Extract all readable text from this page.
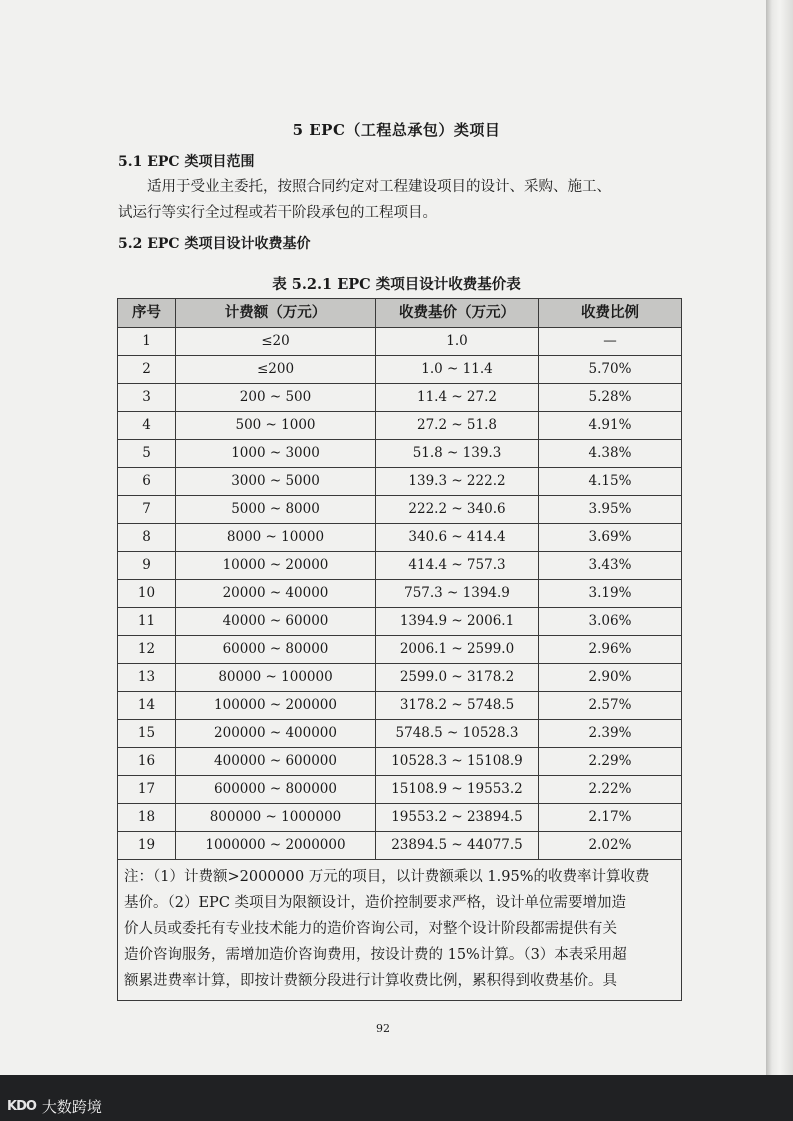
5 EPC（工程总承包）类项目
5.1 EPC 类项目范围
适用于受业主委托，按照合同约定对工程建设项目的设计、采购、施工、
试运行等实行全过程或若干阶段承包的工程项目。
5.2 EPC 类项目设计收费基价
表 5.2.1 EPC 类项目设计收费基价表
序号	计费额（万元）	收费基价（万元）	收费比例
1	≤20	1.0	—
2	≤200	1.0 ~ 11.4	5.70%
3	200 ~ 500	11.4 ~ 27.2	5.28%
4	500 ~ 1000	27.2 ~ 51.8	4.91%
5	1000 ~ 3000	51.8 ~ 139.3	4.38%
6	3000 ~ 5000	139.3 ~ 222.2	4.15%
7	5000 ~ 8000	222.2 ~ 340.6	3.95%
8	8000 ~ 10000	340.6 ~ 414.4	3.69%
9	10000 ~ 20000	414.4 ~ 757.3	3.43%
10	20000 ~ 40000	757.3 ~ 1394.9	3.19%
11	40000 ~ 60000	1394.9 ~ 2006.1	3.06%
12	60000 ~ 80000	2006.1 ~ 2599.0	2.96%
13	80000 ~ 100000	2599.0 ~ 3178.2	2.90%
14	100000 ~ 200000	3178.2 ~ 5748.5	2.57%
15	200000 ~ 400000	5748.5 ~ 10528.3	2.39%
16	400000 ~ 600000	10528.3 ~ 15108.9	2.29%
17	600000 ~ 800000	15108.9 ~ 19553.2	2.22%
18	800000 ~ 1000000	19553.2 ~ 23894.5	2.17%
19	1000000 ~ 2000000	23894.5 ~ 44077.5	2.02%

注：（1）计费额>2000000 万元的项目，以计费额乘以 1.95%的收费率计算收费
基价。（2）EPC 类项目为限额设计，造价控制要求严格，设计单位需要增加造
价人员或委托有专业技术能力的造价咨询公司，对整个设计阶段都需提供有关
造价咨询服务，需增加造价咨询费用，按设计费的 15%计算。（3）本表采用超
额累进费率计算，即按计费额分段进行计算收费比例，累积得到收费基价。具			
92
KDO 大数跨境
